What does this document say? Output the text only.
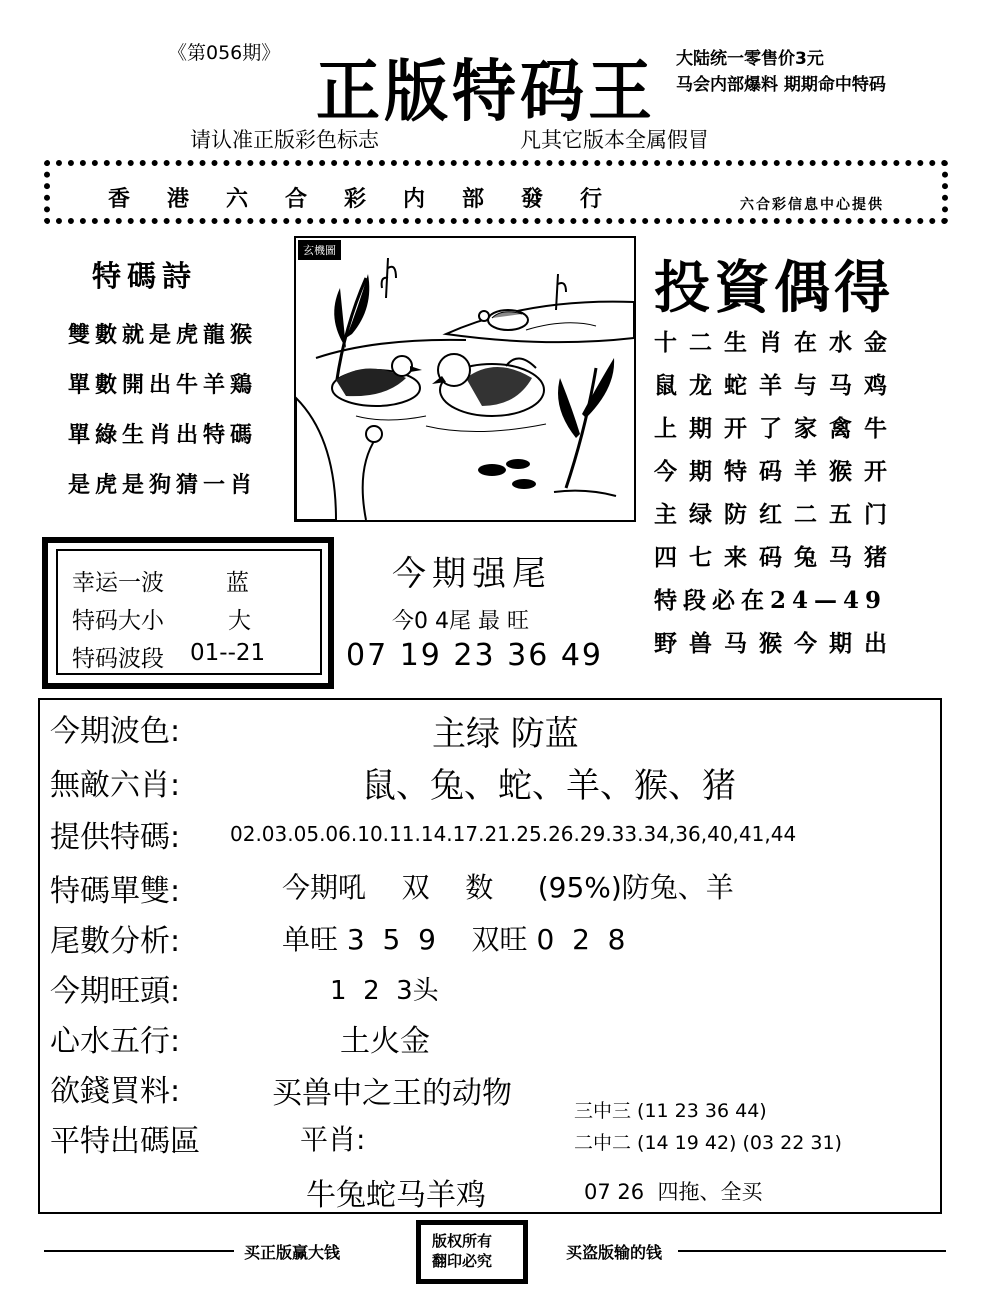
《第056期》 正版特码王 大陆统一零售价3元
马会内部爆料 期期命中特码
请认准正版彩色标志	凡其它版本全属假冒
香港六合彩内部發行	六合彩信息中心提供
特碼詩
雙數就是虎龍猴
單數開出牛羊鶏
單綠生肖出特碼
是虎是狗猜一肖
玄機圖
投資偶得
十二生肖在水金
鼠龙蛇羊与马鸡
上期开了家禽牛
今期特码羊猴开
主绿防红二五门
四七来码兔马猪
特段必在24—49
野兽马猴今期出
幸运一波	蓝
特码大小	大
特码波段 01--21
今期强尾
今0 4尾 最 旺
07 19 23 36 49
今期波色:	主绿 防蓝
無敵六肖:	鼠、兔、蛇、羊、猴、猪
提供特碼: 02.03.05.06.10.11.14.17.21.25.26.29.33.34,36,40,41,44
特碼單雙:	今期吼    双    数     (95%)防兔、羊
尾數分析:	单旺 3  5  9    双旺 0  2  8
今期旺頭:	1  2  3头
心水五行:	土火金
欲錢買料:	买兽中之王的动物
平特出碼區	平肖:
三中三 (11 23 36 44)
二中二 (14 19 42) (03 22 31)
牛兔蛇马羊鸡	07 26  四拖、全买
买正版赢大钱	买盗版输的钱
版权所有
翻印必究
